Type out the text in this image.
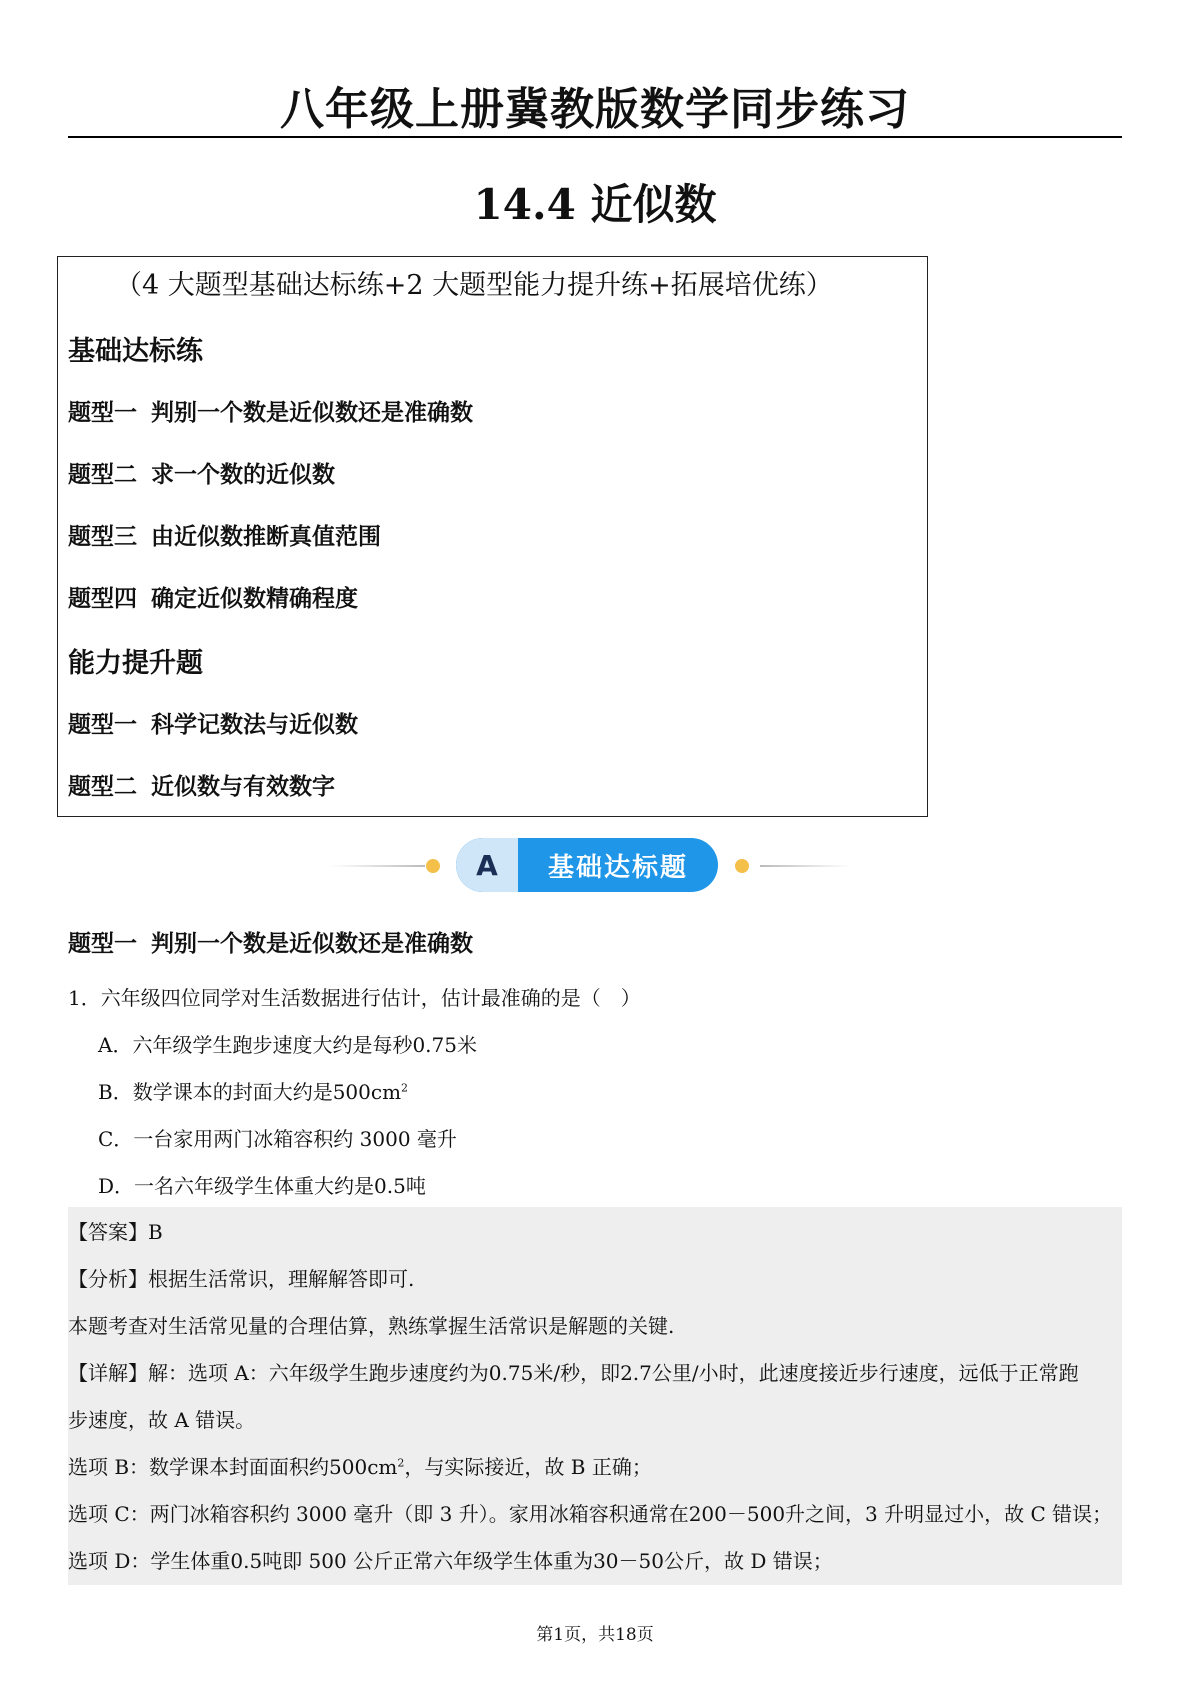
八年级上册冀教版数学同步练习
14.4 近似数
（4 大题型基础达标练+2 大题型能力提升练+拓展培优练）
基础达标练
题型一 判别一个数是近似数还是准确数
题型二 求一个数的近似数
题型三 由近似数推断真值范围
题型四 确定近似数精确程度
能力提升题
题型一 科学记数法与近似数
题型二 近似数与有效数字
A	基础达标题
题型一 判别一个数是近似数还是准确数
1．六年级四位同学对生活数据进行估计，估计最准确的是（　）
A．六年级学生跑步速度大约是每秒0.75米
B．数学课本的封面大约是$500cm^2$
C．一台家用两门冰箱容积约 3000 毫升
D．一名六年级学生体重大约是0.5吨
【答案】B
【分析】根据生活常识，理解解答即可.
本题考查对生活常见量的合理估算，熟练掌握生活常识是解题的关键.
【详解】解：选项 A：六年级学生跑步速度约为0.75米/秒，即2.7公里/小时，此速度接近步行速度，远低于正常跑
步速度，故 A 错误。
选项 B：数学课本封面面积约$500cm^2$，与实际接近，故 B 正确；
选项 C：两门冰箱容积约 3000 毫升（即 3 升）。家用冰箱容积通常在200－500升之间，3 升明显过小，故 C 错误；
选项 D：学生体重0.5吨即 500 公斤正常六年级学生体重为30－50公斤，故 D 错误；
第1页，共18页
